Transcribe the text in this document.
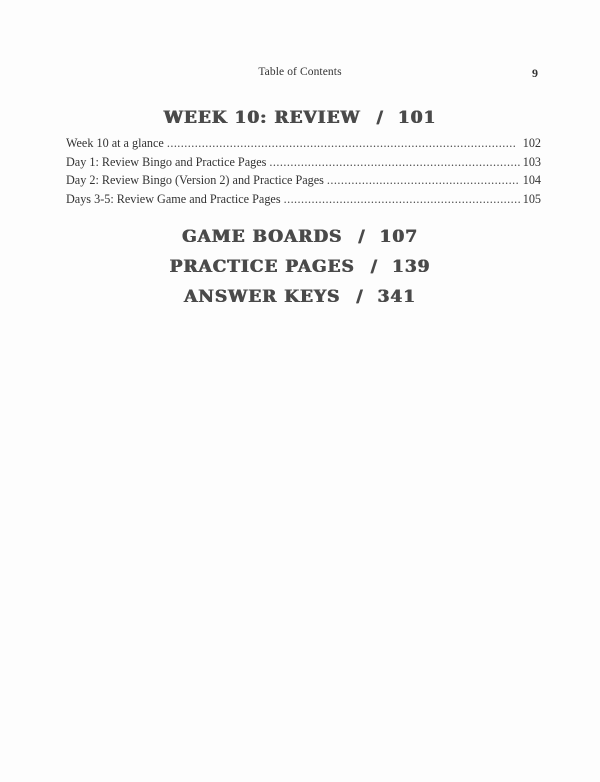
Table of Contents	9
WEEK 10: REVIEW / 101
Week 10 at a glance . . .	102
Day 1: Review Bingo and Practice Pages . . .	103
Day 2: Review Bingo (Version 2) and Practice Pages . . .	104
Days 3-5: Review Game and Practice Pages . . .	105
GAME BOARDS / 107
PRACTICE PAGES / 139
ANSWER KEYS / 341
